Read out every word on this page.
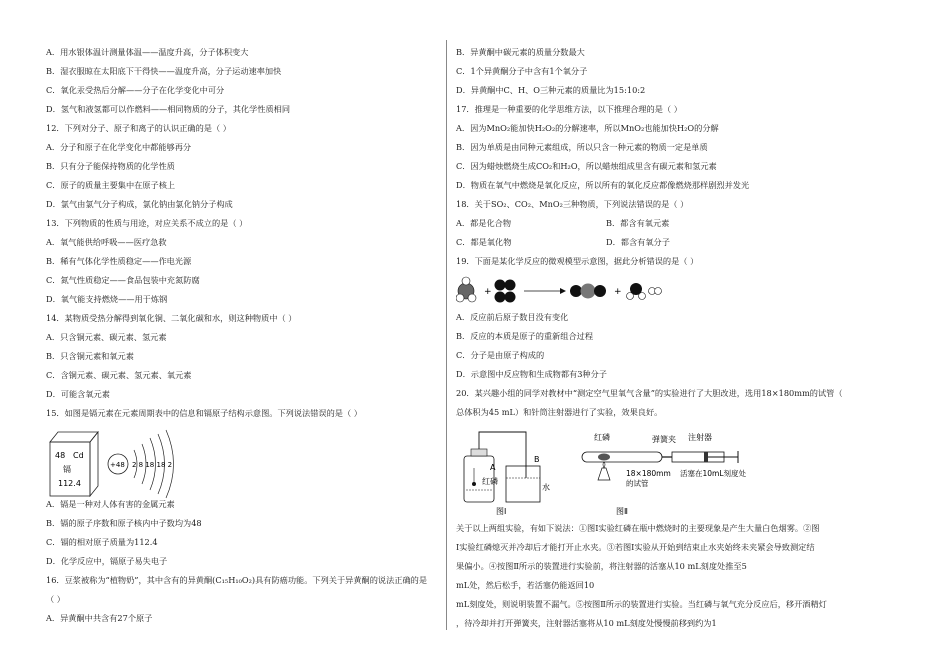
A．用水银体温计测量体温——温度升高，分子体积变大
B．湿衣服晾在太阳底下干得快——温度升高，分子运动速率加快
C．氧化汞受热后分解——分子在化学变化中可分
D．氢气和液氢都可以作燃料——相同物质的分子，其化学性质相同
12．下列对分子、原子和离子的认识正确的是（ ）
A．分子和原子在化学变化中都能够再分
B．只有分子能保持物质的化学性质
C．原子的质量主要集中在原子核上
D．氯气由氯气分子构成，氯化钠由氯化钠分子构成
13．下列物质的性质与用途，对应关系不成立的是（ ）
A．氧气能供给呼吸——医疗急救
B．稀有气体化学性质稳定——作电光源
C．氮气性质稳定——食品包装中充氮防腐
D．氧气能支持燃烧——用于炼钢
14．某物质受热分解得到氧化铜、二氧化碳和水，则这种物质中（ ）
A．只含铜元素、碳元素、氢元素
B．只含铜元素和氧元素
C．含铜元素、碳元素、氢元素、氧元素
D．可能含氧元素
15．如图是镉元素在元素周期表中的信息和镉原子结构示意图。下列说法错误的是（ ）
48 Cd
镉
112.4
+48 2 8 18 18 2
A．镉是一种对人体有害的金属元素
B．镉的原子序数和原子核内中子数均为48
C．镉的相对原子质量为112.4
D．化学反应中，镉原子易失电子
16．豆浆被称为“植物奶”，其中含有的异黄酮(C₁₅H₁₀O₂)具有防癌功能。下列关于异黄酮的说法正确的是
（ ）
A．异黄酮中共含有27个原子
B．异黄酮中碳元素的质量分数最大
C．1个异黄酮分子中含有1个氧分子
D．异黄酮中C、H、O三种元素的质量比为15:10:2
17．推理是一种重要的化学思维方法，以下推理合理的是（ ）
A．因为MnO₂能加快H₂O₂的分解速率，所以MnO₂也能加快H₂O的分解
B．因为单质是由同种元素组成，所以只含一种元素的物质一定是单质
C．因为蜡烛燃烧生成CO₂和H₂O，所以蜡烛组成里含有碳元素和氢元素
D．物质在氧气中燃烧是氧化反应，所以所有的氧化反应都像燃烧那样剧烈并发光
18．关于SO₂、CO₂、MnO₂三种物质，下列说法错误的是（ ）
A．都是化合物	B．都含有氧元素
C．都是氧化物	D．都含有氧分子
19．下面是某化学反应的微观模型示意图，据此分析错误的是（ ）
+	+
A．反应前后原子数目没有变化
B．反应的本质是原子的重新组合过程
C．分子是由原子构成的
D．示意图中反应物和生成物都有3种分子
20．某兴趣小组的同学对教材中“测定空气里氧气含量”的实验进行了大胆改进，选用18×180mm的试管（
总体积为45 mL）和针筒注射器进行了实验，效果良好。
A
B
红磷
水
图Ⅰ
红磷	弹簧夹 注射器
18×180mm
的试管
活塞在10mL刻度处
图Ⅱ
关于以上两组实验，有如下说法：①图Ⅰ实验红磷在瓶中燃烧时的主要现象是产生大量白色烟雾。②图
Ⅰ实验红磷熄灭并冷却后才能打开止水夹。③若图Ⅰ实验从开始到结束止水夹始终未夹紧会导致测定结
果偏小。④按图Ⅱ所示的装置进行实验前，将注射器的活塞从10 mL刻度处推至5
mL处，然后松手，若活塞仍能返回10
mL刻度处，则说明装置不漏气。⑤按图Ⅱ所示的装置进行实验。当红磷与氧气充分反应后，移开酒精灯
，待冷却并打开弹簧夹，注射器活塞将从10 mL刻度处慢慢前移到约为1
